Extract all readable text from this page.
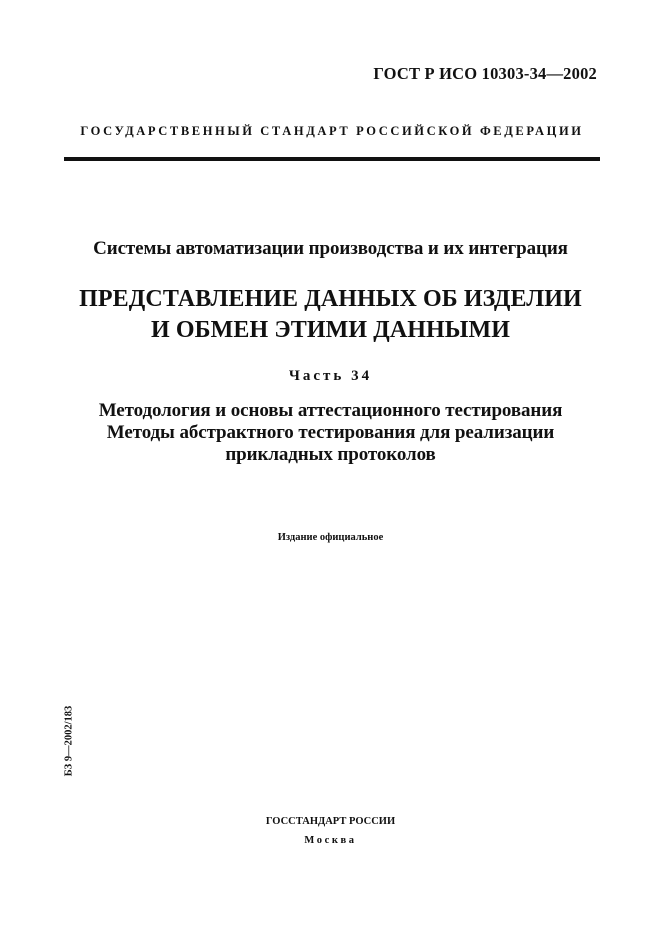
ГОСТ Р ИСО 10303-34—2002
ГОСУДАРСТВЕННЫЙ СТАНДАРТ РОССИЙСКОЙ ФЕДЕРАЦИИ
Системы автоматизации производства и их интеграция
ПРЕДСТАВЛЕНИЕ ДАННЫХ ОБ ИЗДЕЛИИ
И ОБМЕН ЭТИМИ ДАННЫМИ
Часть 34
Методология и основы аттестационного тестирования
Методы абстрактного тестирования для реализации
прикладных протоколов
Издание официальное
БЗ 9—2002/183
ГОССТАНДАРТ РОССИИ
Москва
